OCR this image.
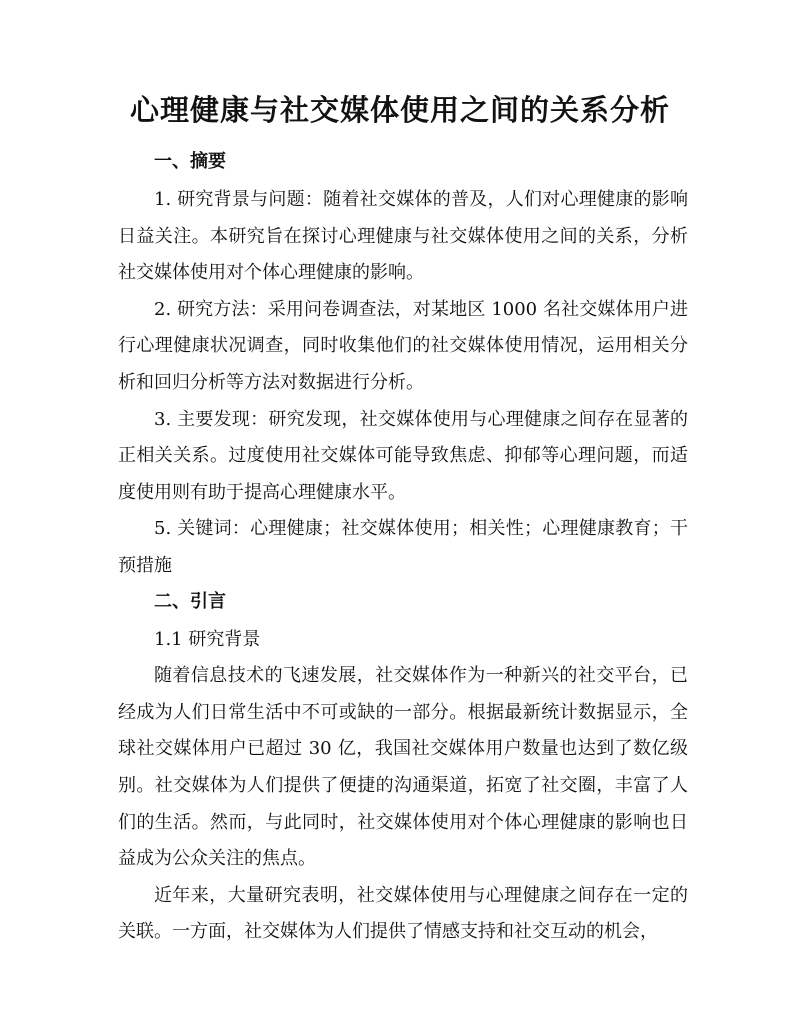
心理健康与社交媒体使用之间的关系分析
一、摘要

1. 研究背景与问题：随着社交媒体的普及，人们对心理健康的影响日益关注。本研究旨在探讨心理健康与社交媒体使用之间的关系，分析社交媒体使用对个体心理健康的影响。

2. 研究方法：采用问卷调查法，对某地区 1000 名社交媒体用户进行心理健康状况调查，同时收集他们的社交媒体使用情况，运用相关分析和回归分析等方法对数据进行分析。

3. 主要发现：研究发现，社交媒体使用与心理健康之间存在显著的正相关关系。过度使用社交媒体可能导致焦虑、抑郁等心理问题，而适度使用则有助于提高心理健康水平。

5. 关键词：心理健康；社交媒体使用；相关性；心理健康教育；干预措施

二、引言

1.1 研究背景

随着信息技术的飞速发展，社交媒体作为一种新兴的社交平台，已经成为人们日常生活中不可或缺的一部分。根据最新统计数据显示，全球社交媒体用户已超过 30 亿，我国社交媒体用户数量也达到了数亿级别。社交媒体为人们提供了便捷的沟通渠道，拓宽了社交圈，丰富了人们的生活。然而，与此同时，社交媒体使用对个体心理健康的影响也日益成为公众关注的焦点。

近年来，大量研究表明，社交媒体使用与心理健康之间存在一定的关联。一方面，社交媒体为人们提供了情感支持和社交互动的机会，
